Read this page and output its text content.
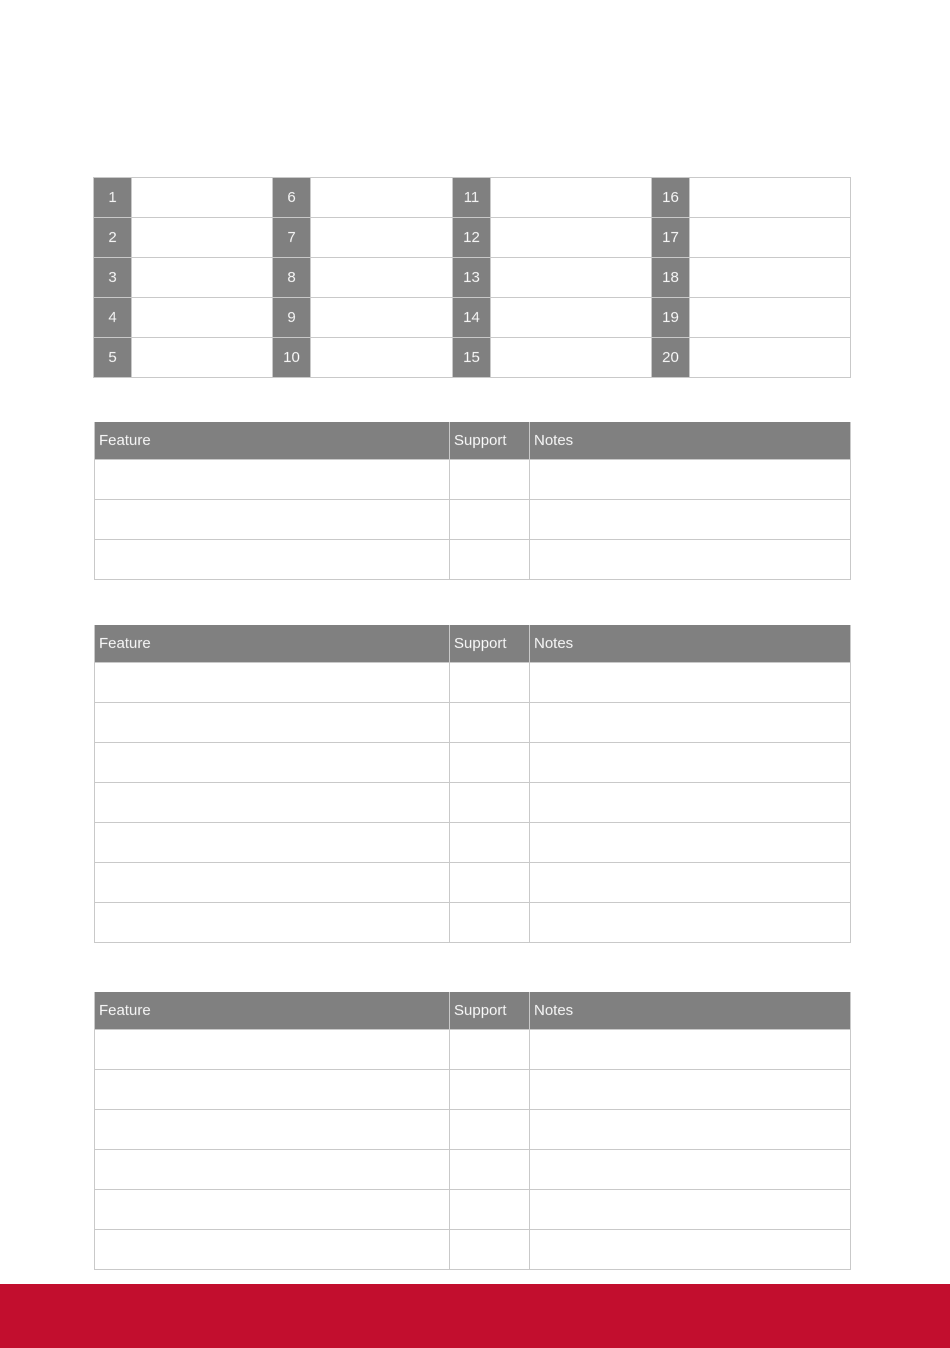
1		6		11		16	
2		7		12		17	
3		8		13		18	
4		9		14		19	
5		10		15		20	
Feature	Support	Notes

Feature	Support	Notes

Feature	Support	Notes
